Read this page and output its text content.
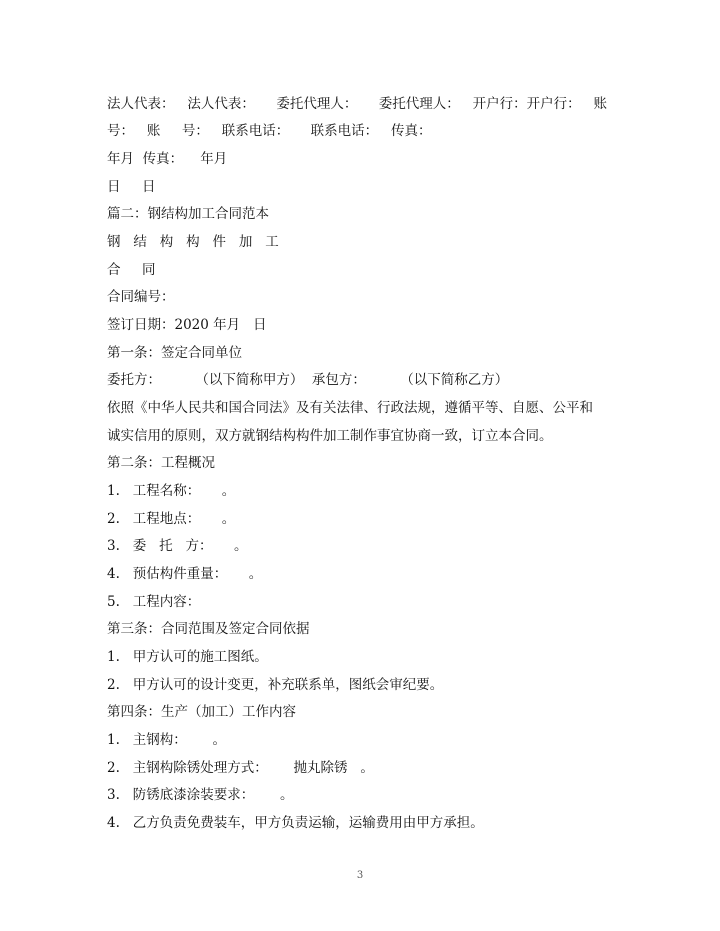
法人代表：   法人代表：     委托代理人：     委托代理人：   开户行：开户行：   账
号：   账     号：   联系电话：     联系电话：   传真：
年月  传真：    年月
日     日
篇二：钢结构加工合同范本
钢   结   构   构   件   加   工
合     同
合同编号：
签订日期：2020 年月   日
第一条：签定合同单位
委托方：        （以下简称甲方）  承包方：        （以下简称乙方）
依照《中华人民共和国合同法》及有关法律、行政法规，遵循平等、自愿、公平和
诚实信用的原则，双方就钢结构构件加工制作事宜协商一致，订立本合同。
第二条：工程概况
1.   工程名称：     。
2.   工程地点：     。
3.   委   托   方：     。
4.   预估构件重量：     。
5.   工程内容：
第三条：合同范围及签定合同依据
1.   甲方认可的施工图纸。
2.   甲方认可的设计变更，补充联系单，图纸会审纪要。
第四条：生产（加工）工作内容
1.   主钢构：      。
2.   主钢构除锈处理方式：      抛丸除锈   。
3.   防锈底漆涂装要求：      。
4.   乙方负责免费装车，甲方负责运输，运输费用由甲方承担。
3
